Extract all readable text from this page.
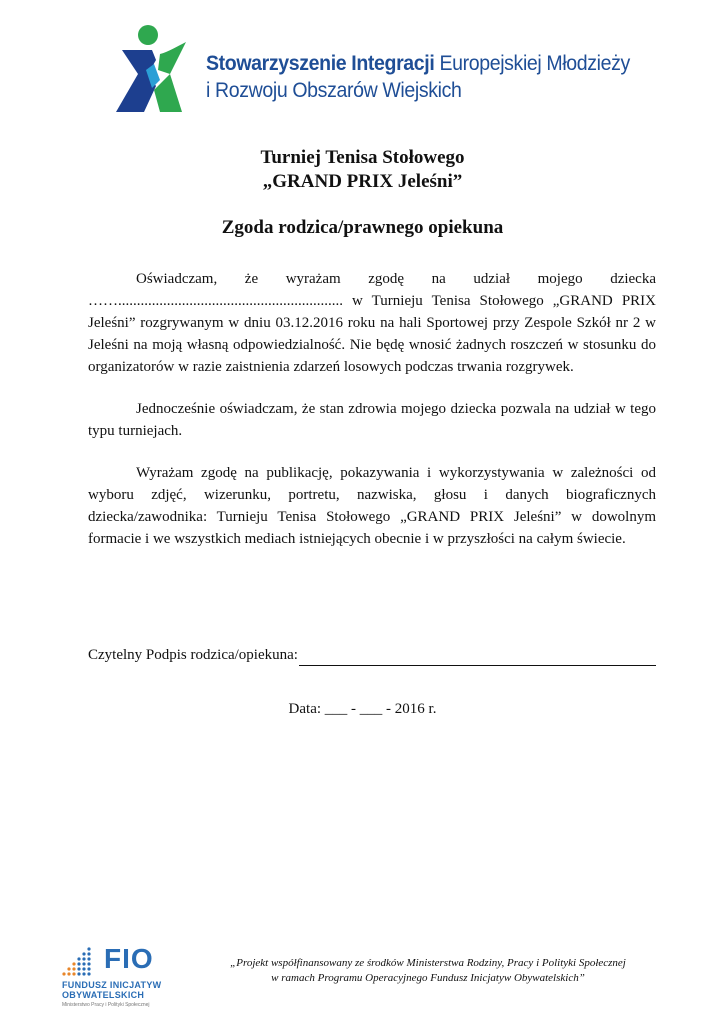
Stowarzyszenie Integracji Europejskiej Młodzieży
i Rozwoju Obszarów Wiejskich
Turniej Tenisa Stołowego
„GRAND PRIX Jeleśni”
Zgoda rodzica/prawnego opiekuna

Oświadczam, że wyrażam zgodę na udział mojego dziecka ……............................................................ w Turnieju Tenisa Stołowego „GRAND PRIX Jeleśni” rozgrywanym w dniu 03.12.2016 roku na hali Sportowej przy Zespole Szkół nr 2 w Jeleśni na moją własną odpowiedzialność. Nie będę wnosić żadnych roszczeń w stosunku do organizatorów w razie zaistnienia zdarzeń losowych podczas trwania rozgrywek.

Jednocześnie oświadczam, że stan zdrowia mojego dziecka pozwala na udział w tego typu turniejach.

Wyrażam zgodę na publikację, pokazywania i wykorzystywania w zależności od wyboru zdjęć, wizerunku, portretu, nazwiska, głosu i danych biograficznych dziecka/zawodnika: Turnieju Tenisa Stołowego „GRAND PRIX Jeleśni” w dowolnym formacie i we wszystkich mediach istniejących obecnie i w przyszłości na całym świecie.

Czytelny Podpis rodzica/opiekuna:
Data: ___ - ___ - 2016 r.
FIO
FUNDUSZ INICJATYW
OBYWATELSKICH
Ministerstwo Pracy i Polityki Społecznej
„Projekt współfinansowany ze środków Ministerstwa Rodziny, Pracy i Polityki Społecznej
w ramach Programu Operacyjnego Fundusz Inicjatyw Obywatelskich”
